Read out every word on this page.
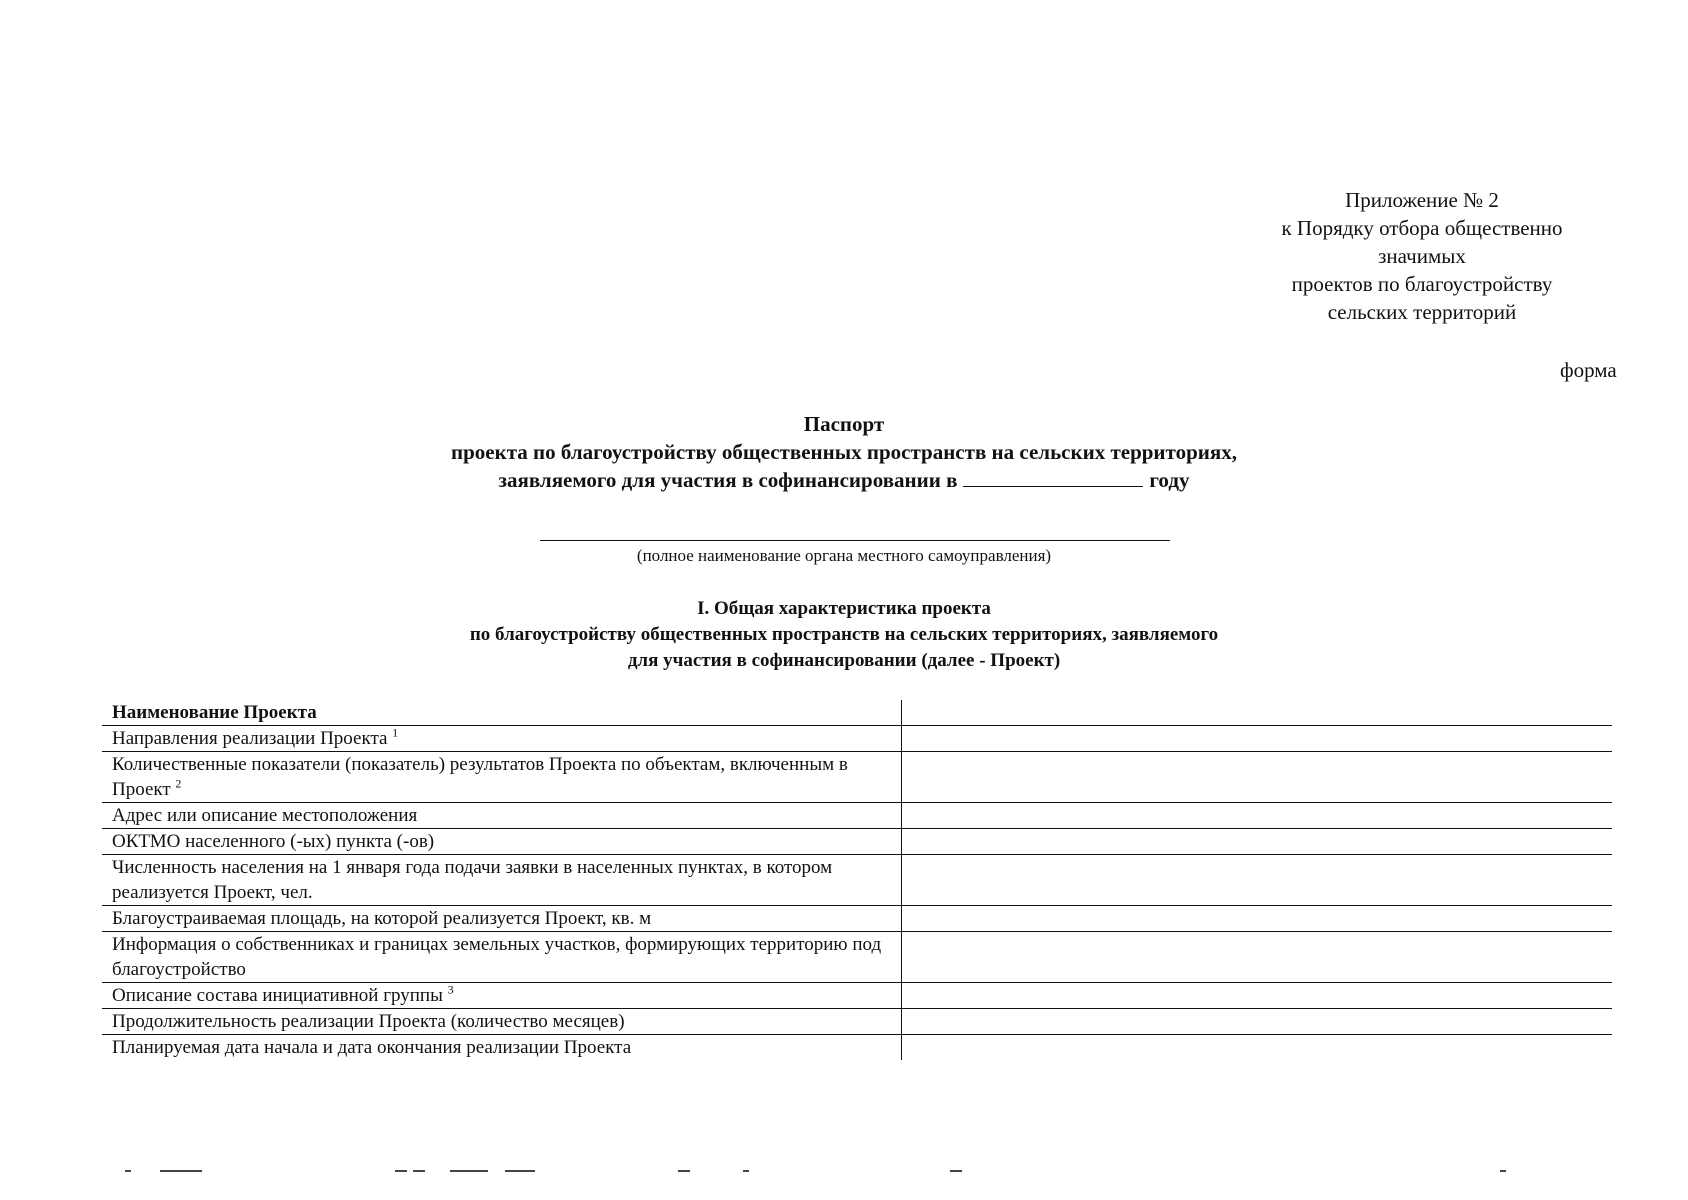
Приложение № 2
к Порядку отбора общественно
значимых
проектов по благоустройству
сельских территорий
форма
Паспорт
проекта по благоустройству общественных пространств на сельских территориях,
заявляемого для участия в софинансировании в	году
(полное наименование органа местного самоуправления)
I. Общая характеристика проекта
по благоустройству общественных пространств на сельских территориях, заявляемого
для участия в софинансировании (далее - Проект)
Наименование Проекта
Направления реализации Проекта $^1$
Количественные показатели (показатель) результатов Проекта по объектам, включенным в Проект $^2$
Адрес или описание местоположения
ОКТМО населенного (-ых) пункта (-ов)
Численность населения на 1 января года подачи заявки в населенных пунктах, в котором реализуется Проект, чел.
Благоустраиваемая площадь, на которой реализуется Проект, кв. м
Информация о собственниках и границах земельных участков, формирующих территорию под благоустройство
Описание состава инициативной группы $^3$
Продолжительность реализации Проекта (количество месяцев)
Планируемая дата начала и дата окончания реализации Проекта
